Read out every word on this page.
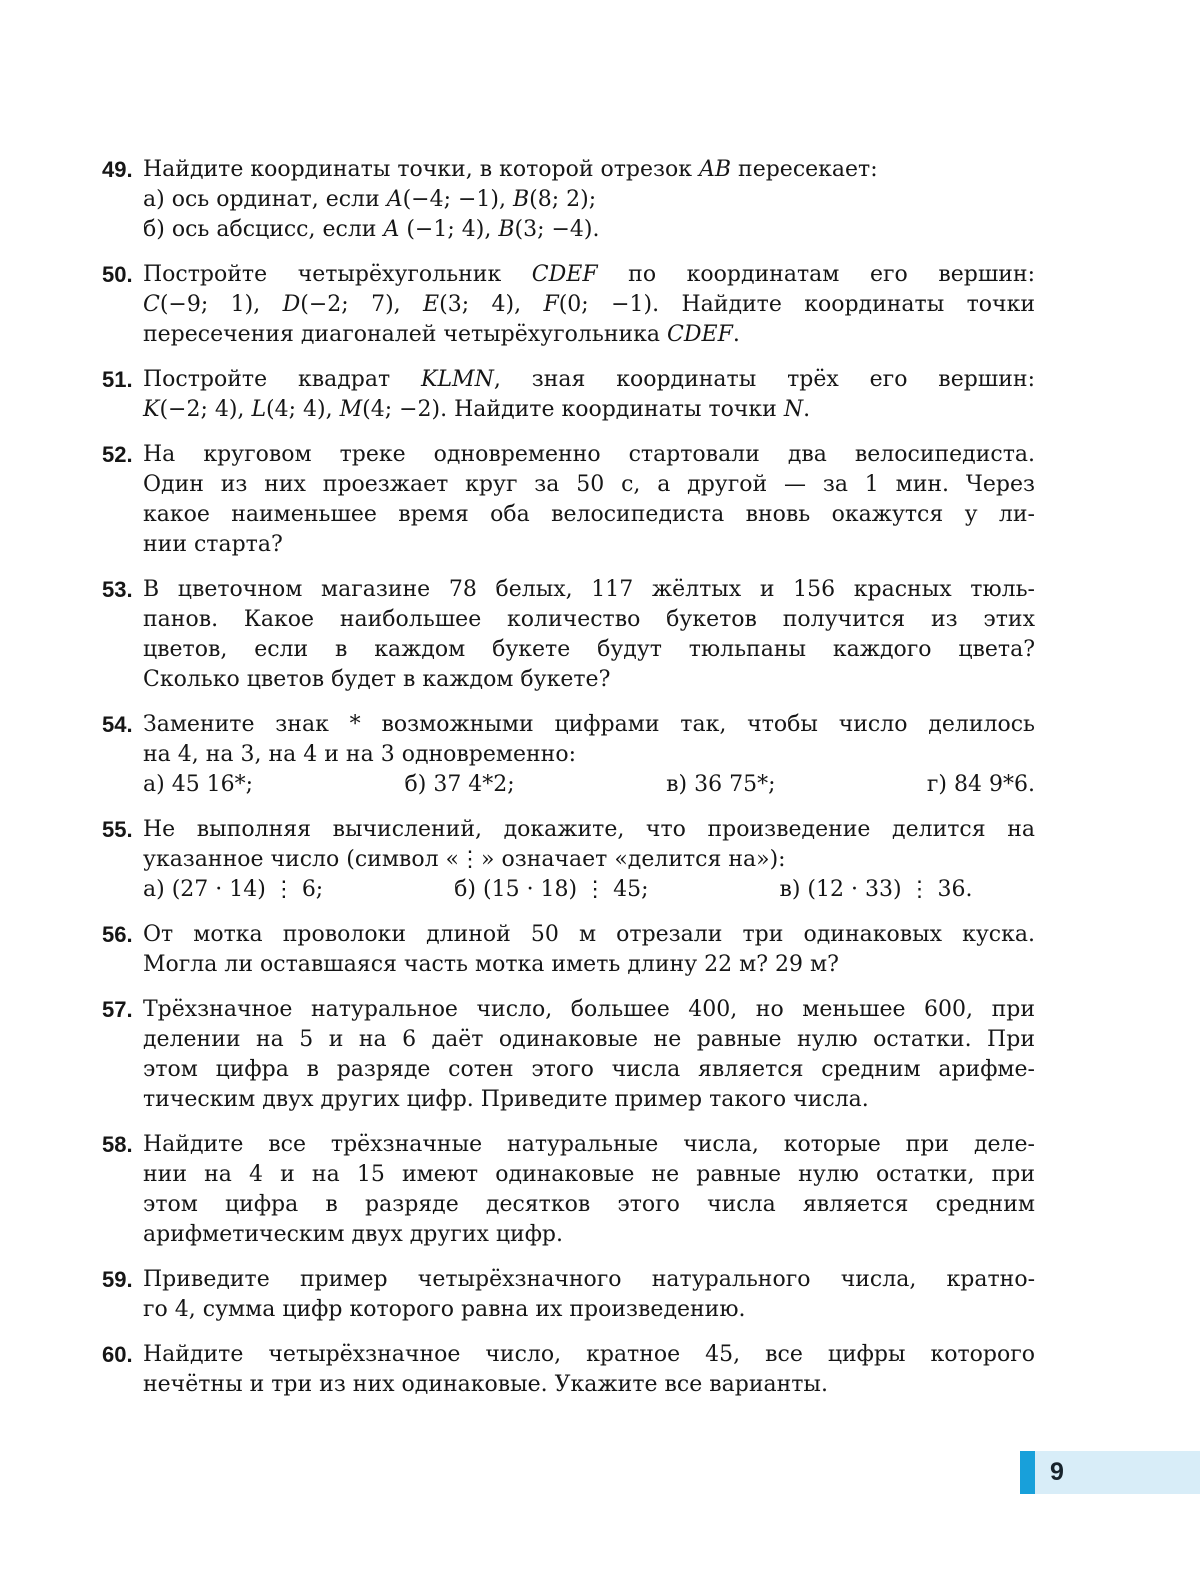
49. Найдите координаты точки, в которой отрезок AB пересекает:
а) ось ординат, если A(−4; −1), B(8; 2);
б) ось абсцисс, если A (−1; 4), B(3; −4).
50. Постройте четырёхугольник CDEF по координатам его вершин:
C(−9; 1), D(−2; 7), E(3; 4), F(0; −1). Найдите координаты точки
пересечения диагоналей четырёхугольника CDEF.
51. Постройте квадрат KLMN, зная координаты трёх его вершин:
K(−2; 4), L(4; 4), M(4; −2). Найдите координаты точки N.
52. На круговом треке одновременно стартовали два велосипедиста.
Один из них проезжает круг за 50 с, а другой — за 1 мин. Через
какое наименьшее время оба велосипедиста вновь окажутся у ли-
нии старта?
53. В цветочном магазине 78 белых, 117 жёлтых и 156 красных тюль-
панов. Какое наибольшее количество букетов получится из этих
цветов, если в каждом букете будут тюльпаны каждого цвета?
Сколько цветов будет в каждом букете?
54. Замените знак * возможными цифрами так, чтобы число делилось
на 4, на 3, на 4 и на 3 одновременно:
а) 45 16*;	б) 37 4*2;	в) 36 75*;	г) 84 9*6.
55. Не выполняя вычислений, докажите, что произведение делится на
указанное число (символ «⋮» означает «делится на»):
а) (27 · 14) ⋮ 6;	б) (15 · 18) ⋮ 45;	в) (12 · 33) ⋮ 36.
56. От мотка проволоки длиной 50 м отрезали три одинаковых куска.
Могла ли оставшаяся часть мотка иметь длину 22 м? 29 м?
57. Трёхзначное натуральное число, большее 400, но меньшее 600, при
делении на 5 и на 6 даёт одинаковые не равные нулю остатки. При
этом цифра в разряде сотен этого числа является средним арифме-
тическим двух других цифр. Приведите пример такого числа.
58. Найдите все трёхзначные натуральные числа, которые при деле-
нии на 4 и на 15 имеют одинаковые не равные нулю остатки, при
этом цифра в разряде десятков этого числа является средним
арифметическим двух других цифр.
59. Приведите пример четырёхзначного натурального числа, кратно-
го 4, сумма цифр которого равна их произведению.
60. Найдите четырёхзначное число, кратное 45, все цифры которого
нечётны и три из них одинаковые. Укажите все варианты.
9
